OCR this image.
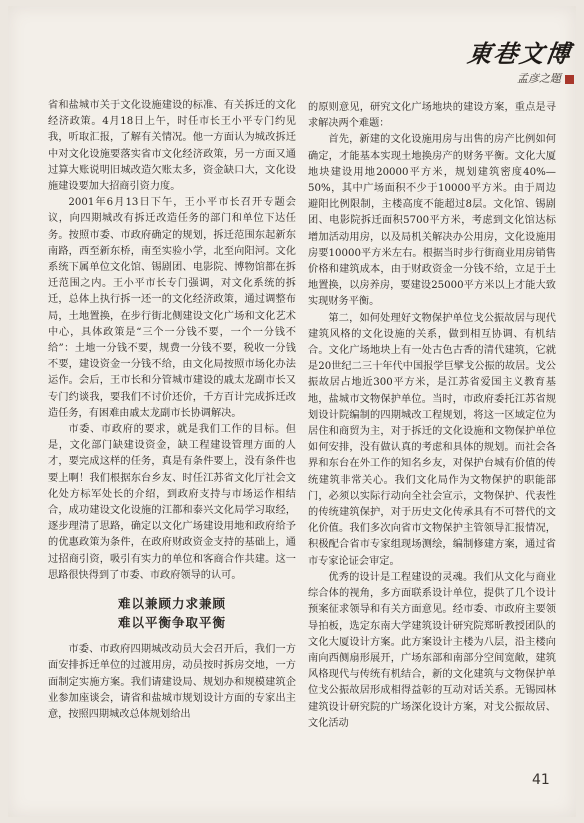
東巷文博
孟彦之題

省和盐城市关于文化设施建设的标准、有关拆迁的文化经济政策。4月18日上午，时任市长王小平专门约见我，听取汇报，了解有关情况。他一方面认为城改拆迁中对文化设施要落实省市文化经济政策，另一方面又通过算大账说明旧城改造欠账太多，资金缺口大，文化设施建设要加大招商引资力度。

2001年6月13日下午，王小平市长召开专题会议，向四期城改有拆迁改造任务的部门和单位下达任务。按照市委、市政府确定的规划，拆迁范围东起新东南路，西至新东桥，南至实验小学，北至向阳河。文化系统下属单位文化馆、锡剧团、电影院、博物馆都在拆迁范围之内。王小平市长专门强调，对文化系统的拆迁，总体上执行拆一还一的文化经济政策，通过调整布局，土地置换，在步行街北侧建设文化广场和文化艺术中心，具体政策是“三个一分钱不要，一个一分钱不给”：土地一分钱不要，规费一分钱不要，税收一分钱不要，建设资金一分钱不给，由文化局按照市场化办法运作。会后，王市长和分管城市建设的戚太龙副市长又专门约谈我，要我们不讨价还价，千方百计完成拆迁改造任务，有困难由戚太龙副市长协调解决。

市委、市政府的要求，就是我们工作的目标。但是，文化部门缺建设资金，缺工程建设管理方面的人才，要完成这样的任务，真是有条件要上，没有条件也要上啊！我们根据东台乡友、时任江苏省文化厅社会文化处方标军处长的介绍，到政府支持与市场运作相结合，成功建设文化设施的江都和泰兴文化局学习取经，逐步理清了思路，确定以文化广场建设用地和政府给予的优惠政策为条件，在政府财政资金支持的基础上，通过招商引资，吸引有实力的单位和客商合作共建。这一思路很快得到了市委、市政府领导的认可。

难以兼顾力求兼顾
难以平衡争取平衡

市委、市政府四期城改动员大会召开后，我们一方面安排拆迁单位的过渡用房，动员按时拆房交地，一方面制定实施方案。我们请建设局、规划办和规模建筑企业参加座谈会，请省和盐城市规划设计方面的专家出主意，按照四期城改总体规划给出

的原则意见，研究文化广场地块的建设方案，重点是寻求解决两个难题：

首先，新建的文化设施用房与出售的房产比例如何确定，才能基本实现土地换房产的财务平衡。文化大厦地块建设用地20000平方米，规划建筑密度40%—50%，其中广场面积不少于10000平方米。由于周边避阳比例限制，主楼高度不能超过8层。文化馆、锡剧团、电影院拆迁面积5700平方米，考虑到文化馆达标增加活动用房，以及局机关解决办公用房，文化设施用房要10000平方米左右。根据当时步行街商业用房销售价格和建筑成本，由于财政资金一分钱不给，立足于土地置换，以房养房，要建设25000平方米以上才能大致实现财务平衡。

第二，如何处理好文物保护单位戈公振故居与现代建筑风格的文化设施的关系，做到相互协调、有机结合。文化广场地块上有一处古色古香的清代建筑，它就是20世纪二三十年代中国报学巨擘戈公振的故居。戈公振故居占地近300平方米，是江苏省爱国主义教育基地，盐城市文物保护单位。当时，市政府委托江苏省规划设计院编制的四期城改工程规划，将这一区域定位为居住和商贸为主，对于拆迁的文化设施和文物保护单位如何安排，没有做认真的考虑和具体的规划。而社会各界和东台在外工作的知名乡友，对保护台城有价值的传统建筑非常关心。我们文化局作为文物保护的职能部门，必须以实际行动向全社会宣示，文物保护、代表性的传统建筑保护，对于历史文化传承具有不可替代的文化价值。我们多次向省市文物保护主管领导汇报情况，积极配合省市专家组现场测绘，编制修建方案，通过省市专家论证会审定。

优秀的设计是工程建设的灵魂。我们从文化与商业综合体的视角，多方面联系设计单位，提供了几个设计预案征求领导和有关方面意见。经市委、市政府主要领导拍板，选定东南大学建筑设计研究院郑昕教授团队的文化大厦设计方案。此方案设计主楼为八层，沿主楼向南向西侧扇形展开，广场东部和南部分空间宽敞，建筑风格现代与传统有机结合，新的文化建筑与文物保护单位戈公振故居形成相得益彰的互动对话关系。无锡园林建筑设计研究院的广场深化设计方案，对戈公振故居、文化活动

41
